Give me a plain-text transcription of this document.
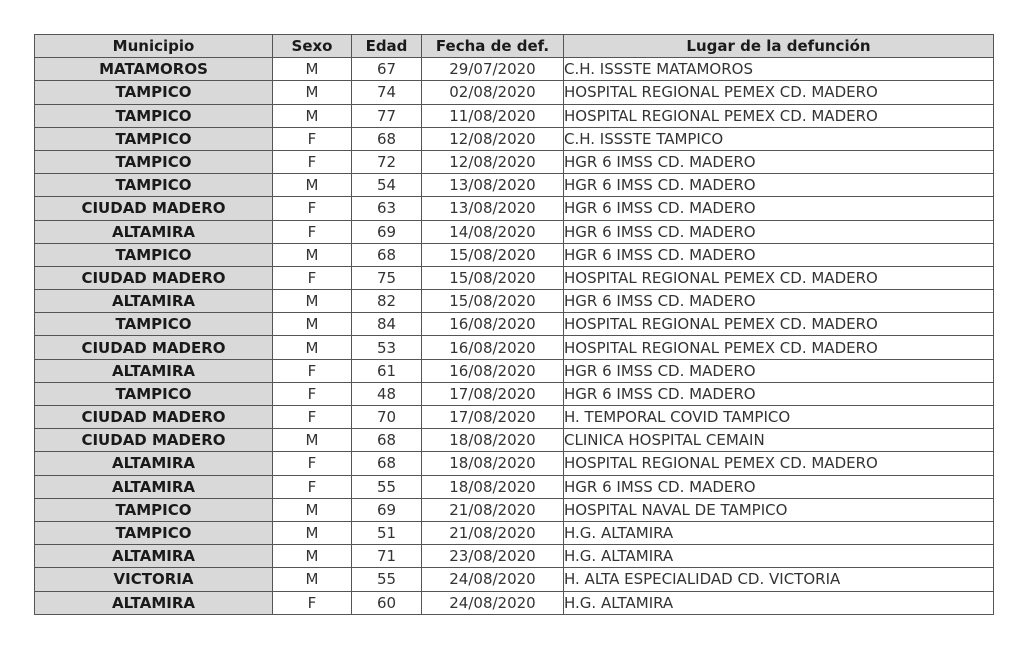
Municipio	Sexo	Edad	Fecha de def.	Lugar de la defunción
MATAMOROS	M	67	29/07/2020	C.H. ISSSTE MATAMOROS
TAMPICO	M	74	02/08/2020	HOSPITAL REGIONAL PEMEX CD. MADERO
TAMPICO	M	77	11/08/2020	HOSPITAL REGIONAL PEMEX CD. MADERO
TAMPICO	F	68	12/08/2020	C.H. ISSSTE TAMPICO
TAMPICO	F	72	12/08/2020	HGR 6 IMSS CD. MADERO
TAMPICO	M	54	13/08/2020	HGR 6 IMSS CD. MADERO
CIUDAD MADERO	F	63	13/08/2020	HGR 6 IMSS CD. MADERO
ALTAMIRA	F	69	14/08/2020	HGR 6 IMSS CD. MADERO
TAMPICO	M	68	15/08/2020	HGR 6 IMSS CD. MADERO
CIUDAD MADERO	F	75	15/08/2020	HOSPITAL REGIONAL PEMEX CD. MADERO
ALTAMIRA	M	82	15/08/2020	HGR 6 IMSS CD. MADERO
TAMPICO	M	84	16/08/2020	HOSPITAL REGIONAL PEMEX CD. MADERO
CIUDAD MADERO	M	53	16/08/2020	HOSPITAL REGIONAL PEMEX CD. MADERO
ALTAMIRA	F	61	16/08/2020	HGR 6 IMSS CD. MADERO
TAMPICO	F	48	17/08/2020	HGR 6 IMSS CD. MADERO
CIUDAD MADERO	F	70	17/08/2020	H. TEMPORAL COVID TAMPICO
CIUDAD MADERO	M	68	18/08/2020	CLINICA HOSPITAL CEMAIN
ALTAMIRA	F	68	18/08/2020	HOSPITAL REGIONAL PEMEX CD. MADERO
ALTAMIRA	F	55	18/08/2020	HGR 6 IMSS CD. MADERO
TAMPICO	M	69	21/08/2020	HOSPITAL NAVAL DE TAMPICO
TAMPICO	M	51	21/08/2020	H.G. ALTAMIRA
ALTAMIRA	M	71	23/08/2020	H.G. ALTAMIRA
VICTORIA	M	55	24/08/2020	H. ALTA ESPECIALIDAD CD. VICTORIA
ALTAMIRA	F	60	24/08/2020	H.G. ALTAMIRA
